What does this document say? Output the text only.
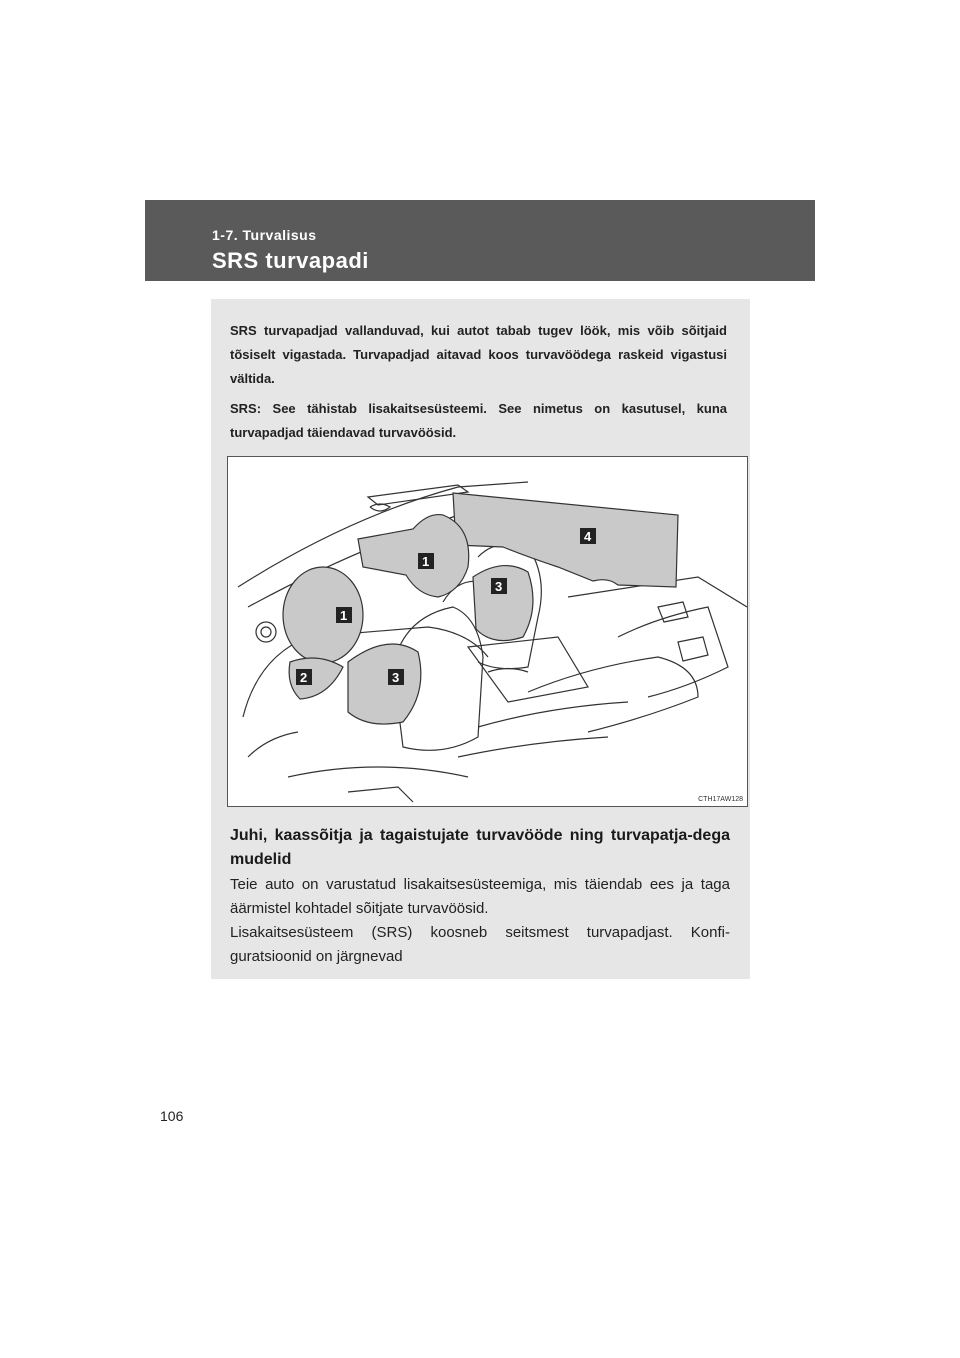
1-7. Turvalisus
SRS turvapadi

SRS turvapadjad vallanduvad, kui autot tabab tugev löök, mis võib sõitjaid tõsiselt vigastada. Turvapadjad aitavad koos turvavöödega raskeid vigastusi vältida.

SRS: See tähistab lisakaitsesüsteemi. See nimetus on kasutusel, kuna turvapadjad täiendavad turvavöösid.

1
1
2	3
3
4
CTH17AW128
Juhi, kaassõitja ja tagaistujate turvavööde ning turvapatja-dega mudelid

Teie auto on varustatud lisakaitsesüsteemiga, mis täiendab ees ja taga äärmistel kohtadel sõitjate turvavöösid.

Lisakaitsesüsteem (SRS) koosneb seitsmest turvapadjast. Konfi-guratsioonid on järgnevad

106
